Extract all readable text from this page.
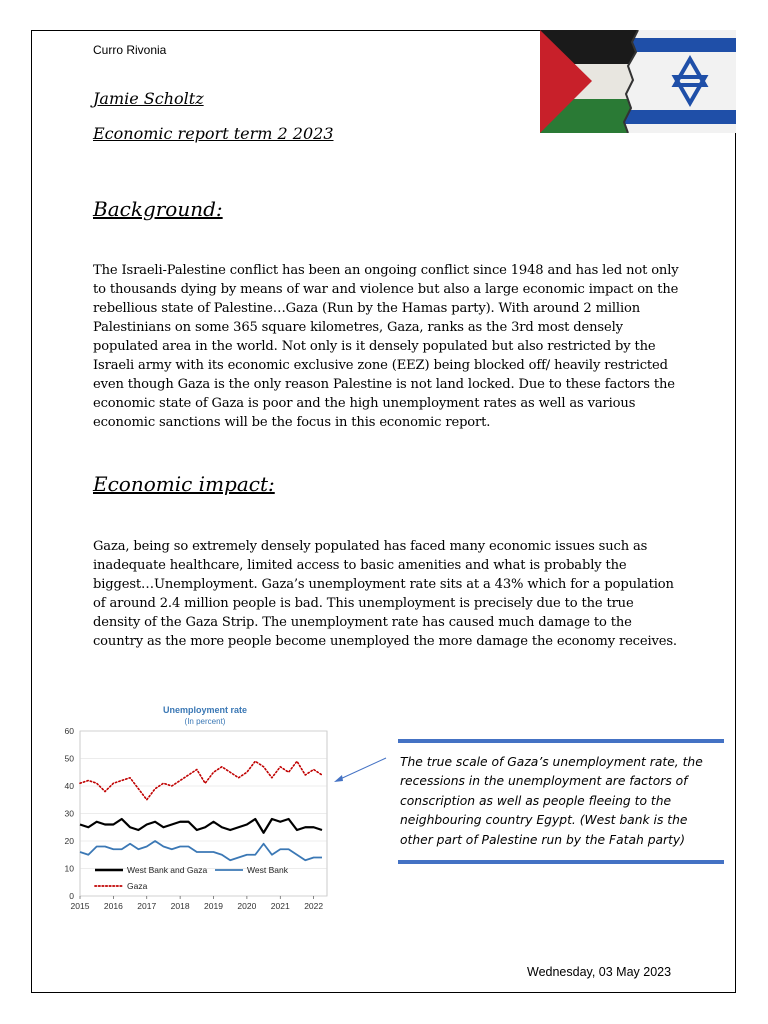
Curro Rivonia
Jamie Scholtz
Economic report term 2 2023
Background:
The Israeli-Palestine conflict has been an ongoing conflict since 1948 and has led not only to thousands dying by means of war and violence but also a large economic impact on the rebellious state of Palestine…Gaza (Run by the Hamas party). With around 2 million Palestinians on some 365 square kilometres, Gaza, ranks as the 3rd most densely populated area in the world. Not only is it densely populated but also restricted by the Israeli army with its economic exclusive zone (EEZ) being blocked off/ heavily restricted even though Gaza is the only reason Palestine is not land locked. Due to these factors the economic state of Gaza is poor and the high unemployment rates as well as various economic sanctions will be the focus in this economic report.
Economic impact:
Gaza, being so extremely densely populated has faced many economic issues such as inadequate healthcare, limited access to basic amenities and what is probably the biggest…Unemployment. Gaza’s unemployment rate sits at a 43% which for a population of around 2.4 million people is bad. This unemployment is precisely due to the true density of the Gaza Strip. The unemployment rate has caused much damage to the country as the more people become unemployed the more damage the economy receives.
Unemployment rate
(In percent)
0
10
20
30
40
50
60
2015 2016 2017 2018 2019 2020 2021 2022
West Bank and Gaza	West Bank
Gaza
The true scale of Gaza’s unemployment rate, the recessions in the unemployment are factors of conscription as well as people fleeing to the neighbouring country Egypt. (West bank is the other part of Palestine run by the Fatah party)
Wednesday, 03 May 2023
